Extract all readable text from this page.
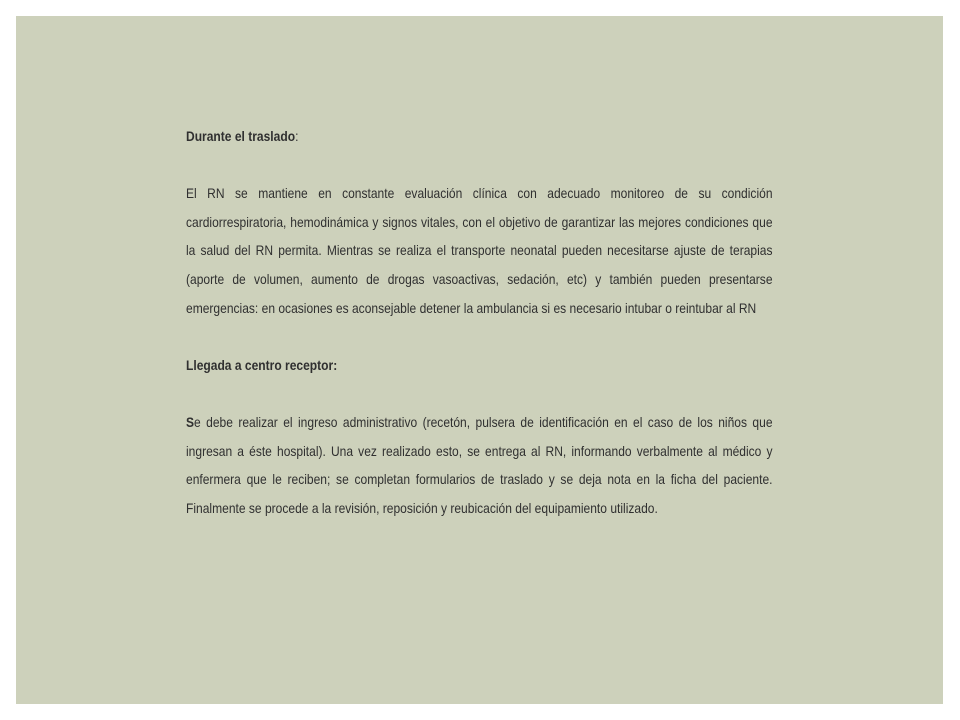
Durante el traslado:

El RN se mantiene en constante evaluación clínica con adecuado monitoreo de su condición cardiorrespiratoria, hemodinámica y signos vitales, con el objetivo de garantizar las mejores condiciones que la salud del RN permita. Mientras se realiza el transporte neonatal pueden necesitarse ajuste de terapias (aporte de volumen, aumento de drogas vasoactivas, sedación, etc) y también pueden presentarse emergencias: en ocasiones es aconsejable detener la ambulancia si es necesario intubar o reintubar al RN

Llegada a centro receptor:

Se debe realizar el ingreso administrativo (recetón, pulsera de identificación en el caso de los niños que ingresan a éste hospital). Una vez realizado esto, se entrega al RN, informando verbalmente al médico y enfermera que le reciben; se completan formularios de traslado y se deja nota en la ficha del paciente. Finalmente se procede a la revisión, reposición y reubicación del equipamiento utilizado.
